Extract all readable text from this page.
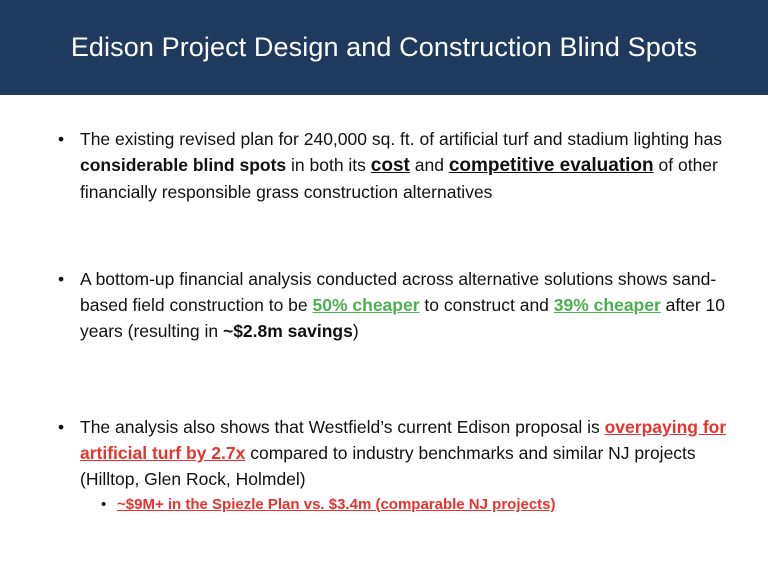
Edison Project Design and Construction Blind Spots
• The existing revised plan for 240,000 sq. ft. of artificial turf and stadium lighting has considerable blind spots in both its cost and competitive evaluation of other financially responsible grass construction alternatives
• A bottom-up financial analysis conducted across alternative solutions shows sand-based field construction to be 50% cheaper to construct and 39% cheaper after 10 years (resulting in ~$2.8m savings)
• The analysis also shows that Westfield’s current Edison proposal is overpaying for artificial turf by 2.7x compared to industry benchmarks and similar NJ projects (Hilltop, Glen Rock, Holmdel)
• ~$9M+ in the Spiezle Plan vs. $3.4m (comparable NJ projects)
